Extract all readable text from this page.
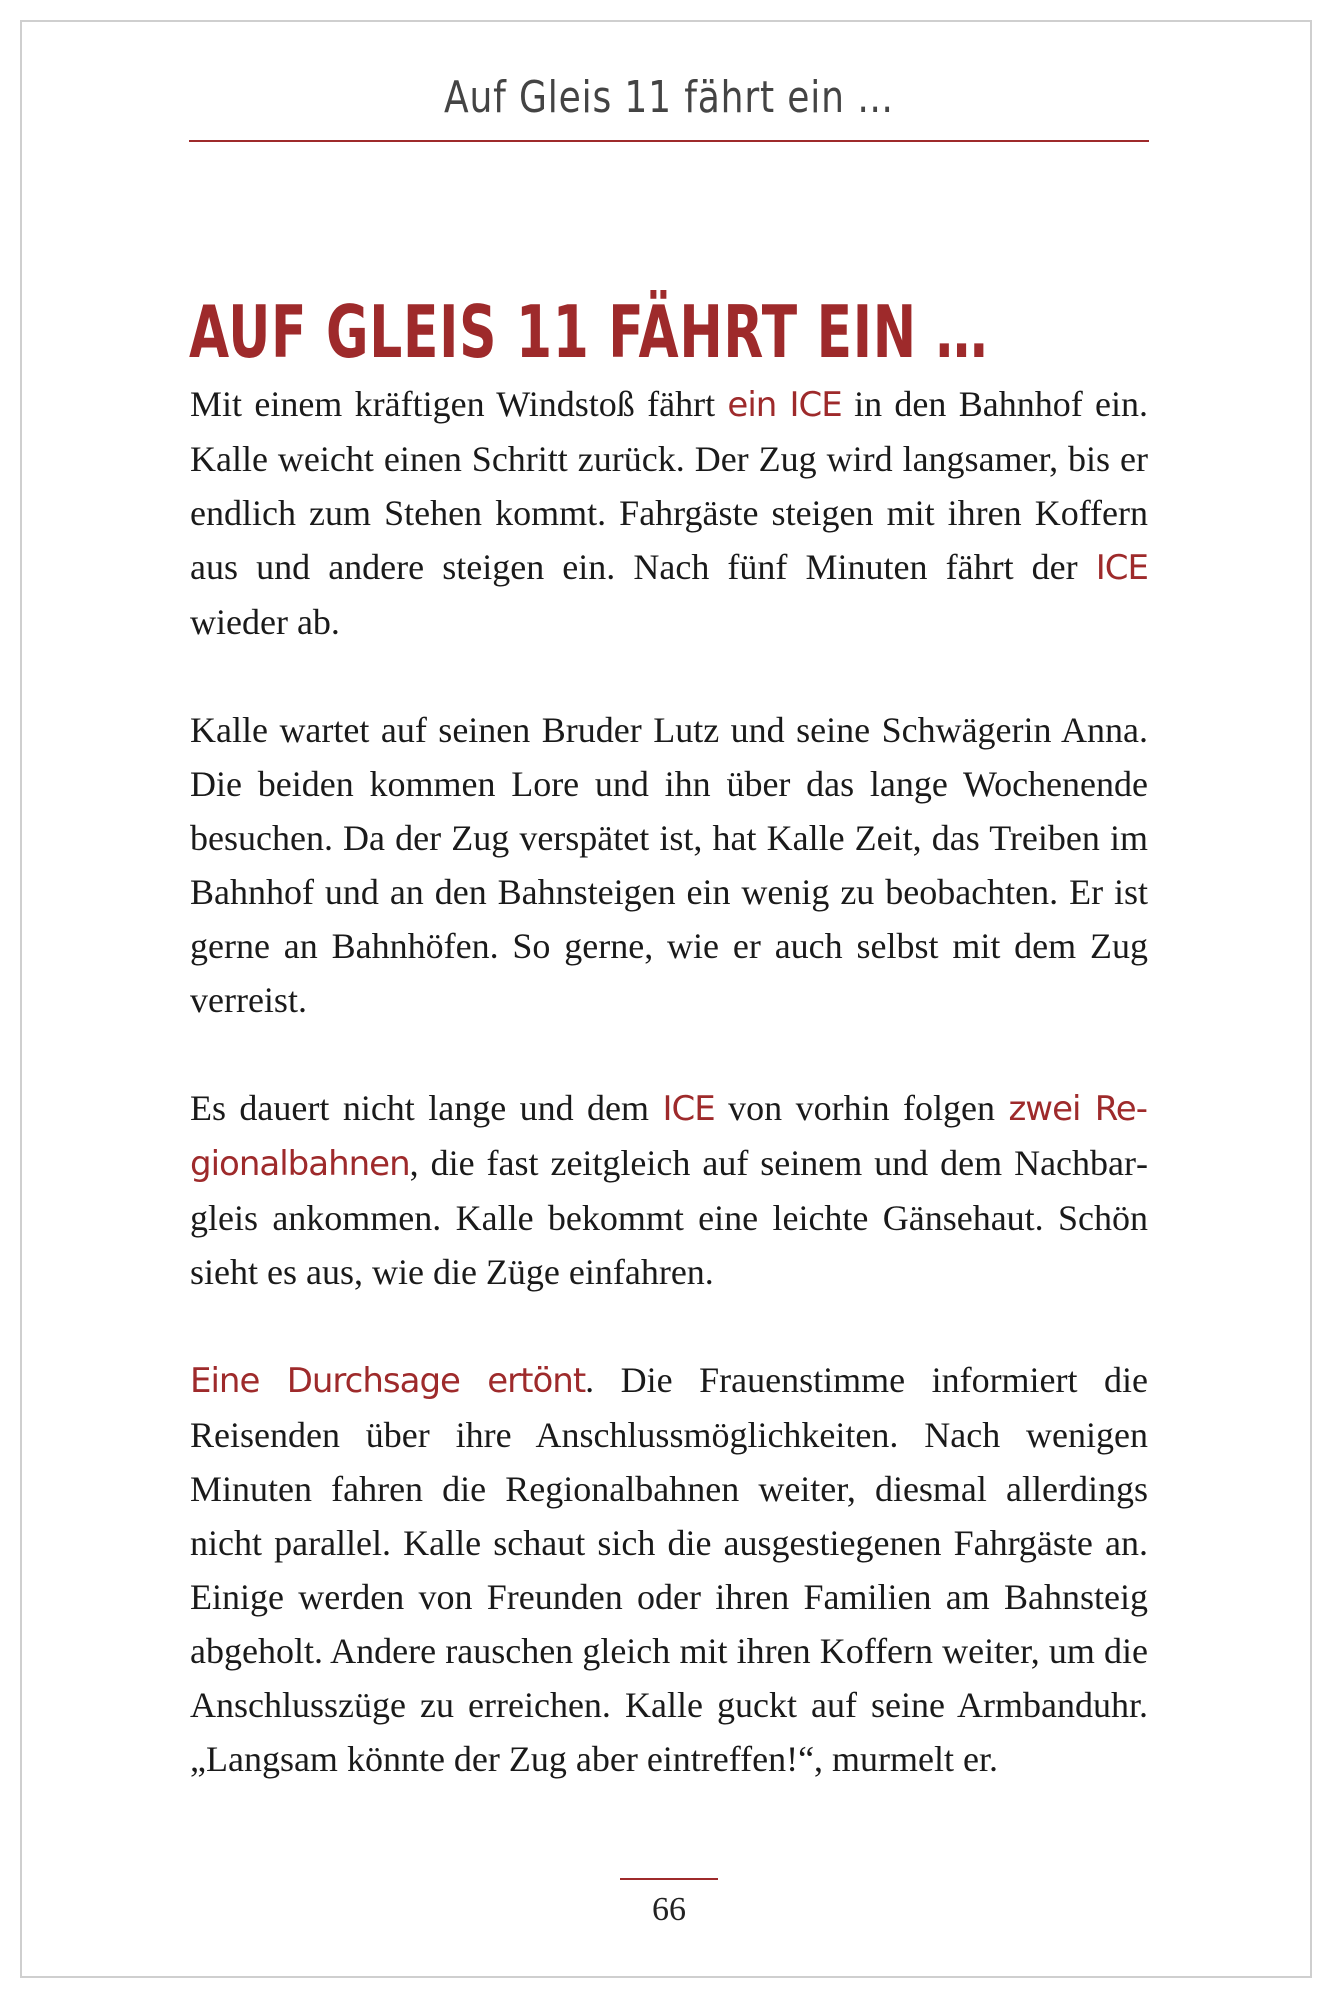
Auf Gleis 11 fährt ein …
AUF GLEIS 11 FÄHRT EIN …

Mit einem kräftigen Windstoß fährt ein ICE in den Bahnhof ein. Kalle weicht einen Schritt zurück. Der Zug wird langsamer, bis er endlich zum Stehen kommt. Fahrgäste steigen mit ihren Koffern aus und andere steigen ein. Nach fünf Minuten fährt der ICE wieder ab.

Kalle wartet auf seinen Bruder Lutz und seine Schwägerin Anna. Die beiden kommen Lore und ihn über das lange Wochenende besuchen. Da der Zug verspätet ist, hat Kalle Zeit, das Treiben im Bahnhof und an den Bahnsteigen ein wenig zu beobachten. Er ist gerne an Bahnhöfen. So gerne, wie er auch selbst mit dem Zug verreist.

Es dauert nicht lange und dem ICE von vorhin folgen zwei Regionalbahnen, die fast zeitgleich auf seinem und dem Nachbargleis ankommen. Kalle bekommt eine leichte Gänsehaut. Schön sieht es aus, wie die Züge einfahren.

Eine Durchsage ertönt. Die Frauenstimme informiert die Reisenden über ihre Anschlussmöglichkeiten. Nach wenigen Minuten fahren die Regionalbahnen weiter, diesmal allerdings nicht parallel. Kalle schaut sich die ausgestiegenen Fahrgäste an. Einige werden von Freunden oder ihren Familien am Bahnsteig abgeholt. Andere rauschen gleich mit ihren Koffern weiter, um die Anschlusszüge zu erreichen. Kalle guckt auf seine Armbanduhr. „Langsam könnte der Zug aber eintreffen!“, murmelt er.

66
